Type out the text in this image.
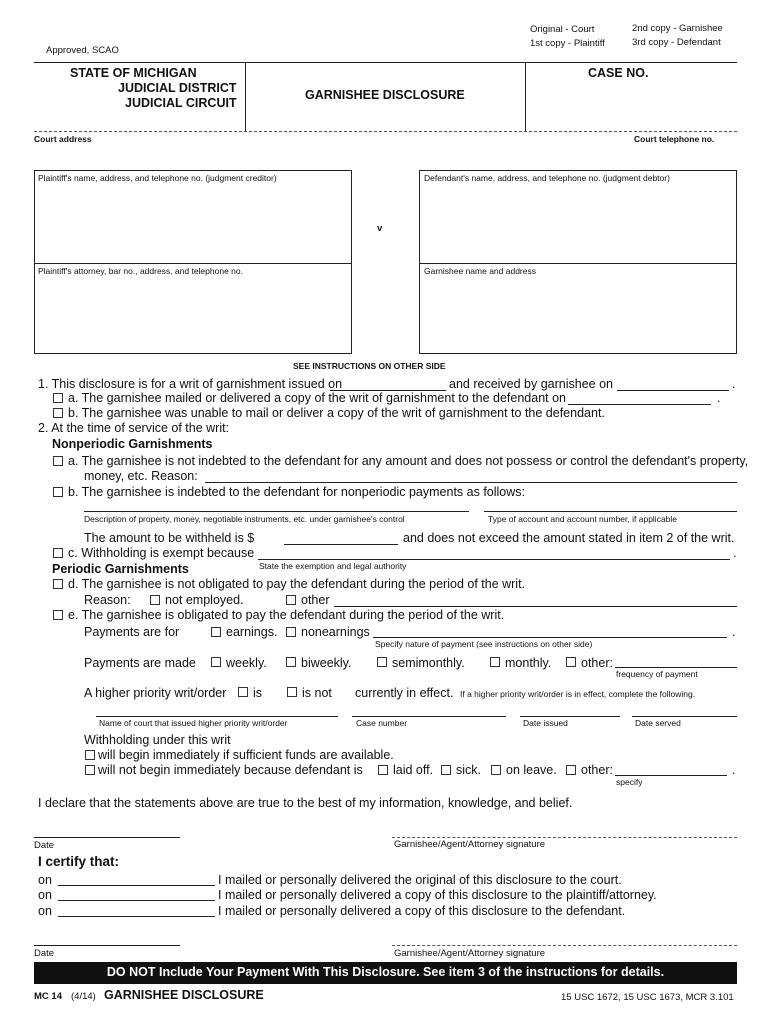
Original - Court
1st copy - Plaintiff
2nd copy - Garnishee
3rd copy - Defendant
Approved, SCAO
STATE OF MICHIGAN
JUDICIAL DISTRICT
JUDICIAL CIRCUIT
GARNISHEE DISCLOSURE
CASE NO.
Court address	Court telephone no.
Plaintiff's name, address, and telephone no. (judgment creditor)	Defendant's name, address, and telephone no. (judgment debtor)
v
Plaintiff's attorney, bar no., address, and telephone no.	Garnishee name and address
SEE INSTRUCTIONS ON OTHER SIDE
1. This disclosure is for a writ of garnishment issued on	and received by garnishee on	.
a. The garnishee mailed or delivered a copy of the writ of garnishment to the defendant on	.
b. The garnishee was unable to mail or deliver a copy of the writ of garnishment to the defendant.
2. At the time of service of the writ:
Nonperiodic Garnishments
a. The garnishee is not indebted to the defendant for any amount and does not possess or control the defendant's property,
money, etc. Reason:
b. The garnishee is indebted to the defendant for nonperiodic payments as follows:
Description of property, money, negotiable instruments, etc. under garnishee's control	Type of account and account number, if applicable
The amount to be withheld is $	and does not exceed the amount stated in item 2 of the writ.
c. Withholding is exempt because	.
State the exemption and legal authority
Periodic Garnishments
d. The garnishee is not obligated to pay the defendant during the period of the writ.
Reason:	not employed.	other
e. The garnishee is obligated to pay the defendant during the period of the writ.
Payments are for	earnings. nonearnings	.
Specify nature of payment (see instructions on other side)
Payments are made weekly.	biweekly.	semimonthly.	monthly. other:
frequency of payment
A higher priority writ/order is	is not currently in effect. If a higher priority writ/order is in effect, complete the following.
Name of court that issued higher priority writ/order	Case number	Date issued	Date served
Withholding under this writ
will begin immediately if sufficient funds are available.
will not begin immediately because defendant is laid off. sick. on leave. other:	.
specify
I declare that the statements above are true to the best of my information, knowledge, and belief.
Date	Garnishee/Agent/Attorney signature
I certify that:
on	I mailed or personally delivered the original of this disclosure to the court.
on	I mailed or personally delivered a copy of this disclosure to the plaintiff/attorney.
on	I mailed or personally delivered a copy of this disclosure to the defendant.
Date	Garnishee/Agent/Attorney signature
DO NOT Include Your Payment With This Disclosure. See item 3 of the instructions for details.
MC 14 (4/14) GARNISHEE DISCLOSURE	15 USC 1672, 15 USC 1673, MCR 3.101
